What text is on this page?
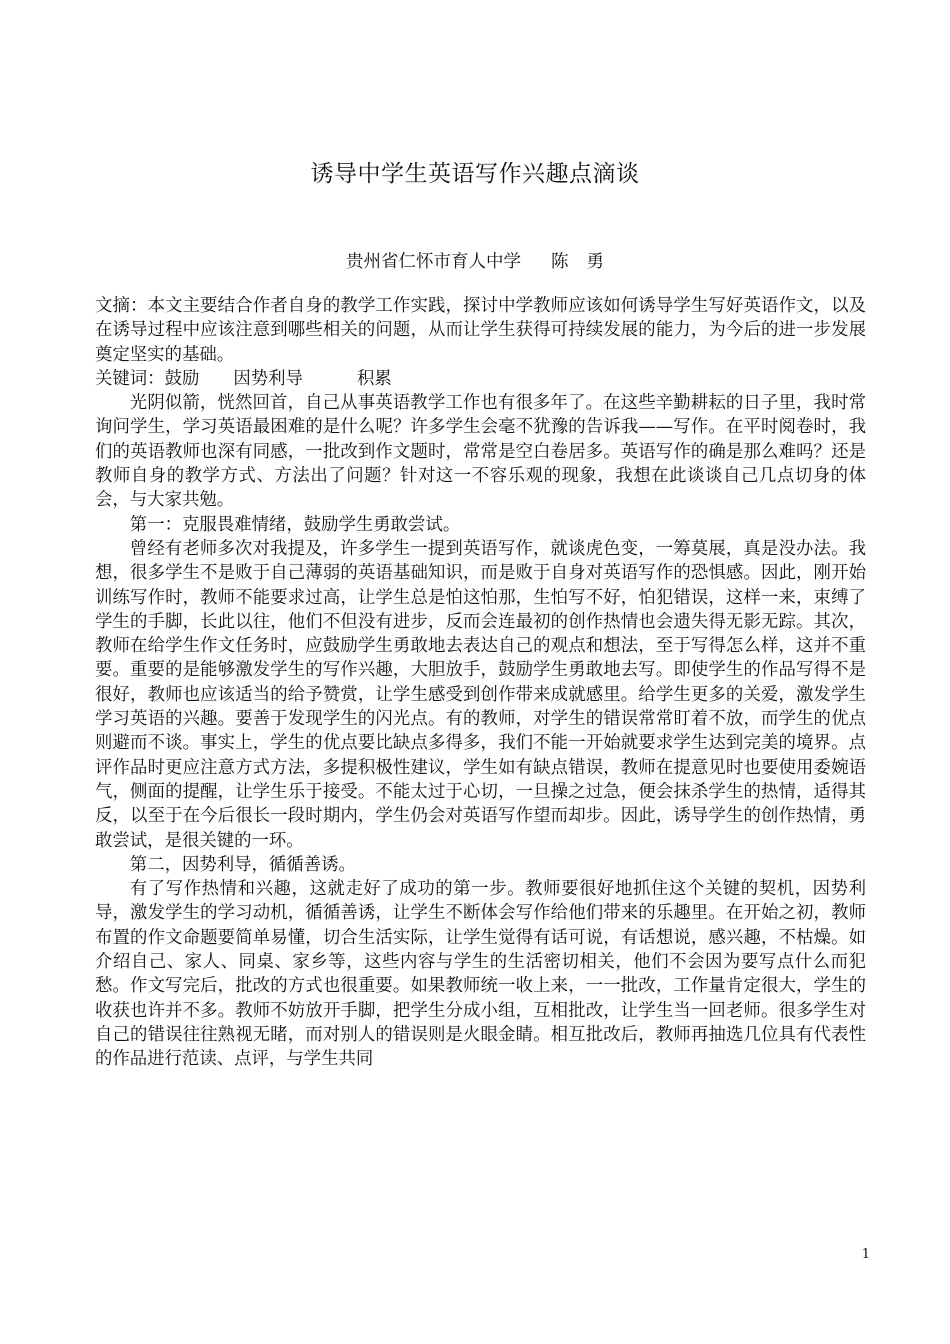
诱导中学生英语写作兴趣点滴谈
贵州省仁怀市育人中学 陈 勇

文摘：本文主要结合作者自身的教学工作实践，探讨中学教师应该如何诱导学生写好英语作文，以及在诱导过程中应该注意到哪些相关的问题，从而让学生获得可持续发展的能力，为今后的进一步发展奠定坚实的基础。

关键词：鼓励 因势利导	积累

光阴似箭，恍然回首，自己从事英语教学工作也有很多年了。在这些辛勤耕耘的日子里，我时常询问学生，学习英语最困难的是什么呢？许多学生会毫不犹豫的告诉我——写作。在平时阅卷时，我们的英语教师也深有同感，一批改到作文题时，常常是空白卷居多。英语写作的确是那么难吗？还是教师自身的教学方式、方法出了问题？针对这一不容乐观的现象，我想在此谈谈自己几点切身的体会，与大家共勉。

第一：克服畏难情绪，鼓励学生勇敢尝试。

曾经有老师多次对我提及，许多学生一提到英语写作，就谈虎色变，一筹莫展，真是没办法。我想，很多学生不是败于自己薄弱的英语基础知识，而是败于自身对英语写作的恐惧感。因此，刚开始训练写作时，教师不能要求过高，让学生总是怕这怕那，生怕写不好，怕犯错误，这样一来，束缚了学生的手脚，长此以往，他们不但没有进步，反而会连最初的创作热情也会遗失得无影无踪。其次，教师在给学生作文任务时，应鼓励学生勇敢地去表达自己的观点和想法，至于写得怎么样，这并不重要。重要的是能够激发学生的写作兴趣，大胆放手，鼓励学生勇敢地去写。即使学生的作品写得不是很好，教师也应该适当的给予赞赏，让学生感受到创作带来成就感里。给学生更多的关爱，激发学生学习英语的兴趣。要善于发现学生的闪光点。有的教师，对学生的错误常常盯着不放，而学生的优点则避而不谈。事实上，学生的优点要比缺点多得多，我们不能一开始就要求学生达到完美的境界。点评作品时更应注意方式方法，多提积极性建议，学生如有缺点错误，教师在提意见时也要使用委婉语气，侧面的提醒，让学生乐于接受。不能太过于心切，一旦操之过急，便会抹杀学生的热情，适得其反，以至于在今后很长一段时期内，学生仍会对英语写作望而却步。因此，诱导学生的创作热情，勇敢尝试，是很关键的一环。

第二，因势利导，循循善诱。

有了写作热情和兴趣，这就走好了成功的第一步。教师要很好地抓住这个关键的契机，因势利导，激发学生的学习动机，循循善诱，让学生不断体会写作给他们带来的乐趣里。在开始之初，教师布置的作文命题要简单易懂，切合生活实际，让学生觉得有话可说，有话想说，感兴趣，不枯燥。如介绍自己、家人、同桌、家乡等，这些内容与学生的生活密切相关，他们不会因为要写点什么而犯愁。作文写完后，批改的方式也很重要。如果教师统一收上来，一一批改，工作量肯定很大，学生的收获也许并不多。教师不妨放开手脚，把学生分成小组，互相批改，让学生当一回老师。很多学生对自己的错误往往熟视无睹，而对别人的错误则是火眼金睛。相互批改后，教师再抽选几位具有代表性的作品进行范读、点评，与学生共同

1
